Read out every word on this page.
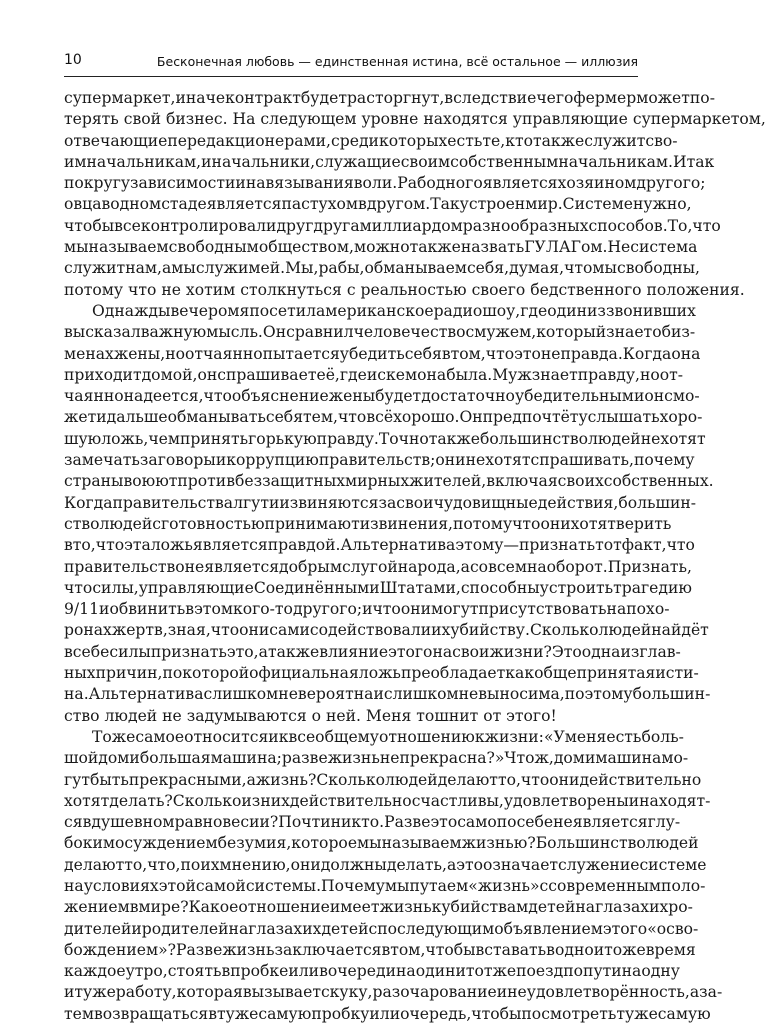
10	Бесконечная любовь — единственная истина, всё остальное — иллюзия
супермаркет, иначе контракт будет расторгнут, вследствие чего фермер может по-
терять свой бизнес. На следующем уровне находятся управляющие супермаркетом,
отвечающие перед акционерами, среди которых есть те, кто также служит сво-
им начальникам, и начальники, служащие своим собственным начальникам. И так
по кругу зависимости и навязывания воли. Раб одного является хозяином другого;
овца в одном стаде является пастухом в другом. Так устроен мир. Системе нужно,
чтобы все контролировали друг друга миллиардом разнообразных способов. То, что
мы называем свободным обществом, можно также назвать ГУЛАГом. Не система
служит нам, а мы служим ей. Мы, рабы, обманываем себя, думая, что мы свободны,
потому что не хотим столкнуться с реальностью своего бедственного положения.
Однажды вечером я посетил американское радиошоу, где один из звонивших
высказал важную мысль. Он сравнил человечество с мужем, который знает об из-
менах жены, но отчаянно пытается убедить себя в том, что это неправда. Когда она
приходит домой, он спрашивает её, где и с кем она была. Муж знает правду, но от-
чаянно надеется, что объяснение жены будет достаточно убедительным и он смо-
жет и дальше обманывать себя тем, что всё хорошо. Он предпочтёт услышать хоро-
шую ложь, чем принять горькую правду. Точно так же большинство людей не хотят
замечать заговоры и коррупцию правительств; они не хотят спрашивать, почему
страны воюют против беззащитных мирных жителей, включая своих собственных.
Когда правительства лгут и извиняются за свои чудовищные действия, большин-
ство людей с готовностью принимают извинения, потому что они хотят верить
в то, что эта ложь является правдой. Альтернатива этому — признать тот факт, что
правительство не является добрым слугой народа, а совсем наоборот. Признать,
что силы, управляющие Соединёнными Штатами, способны устроить трагедию
9/11 и обвинить в этом кого-то другого; и что они могут присутствовать на похо-
ронах жертв, зная, что они сами содействовали их убийству. Сколько людей найдёт
в себе силы признать это, а также влияние этого на свои жизни? Это одна из глав-
ных причин, по которой официальная ложь преобладает как общепринятая исти-
на. Альтернатива слишком невероятна и слишком невыносима, поэтому большин-
ство людей не задумываются о ней. Меня тошнит от этого!
То же самое относится и к всеобщему отношению к жизни: «У меня есть боль-
шой дом и большая машина; разве жизнь не прекрасна?» Что ж, дом и машина мо-
гут быть прекрасными, а жизнь? Сколько людей делают то, что они действительно
хотят делать? Сколько из них действительно счастливы, удовлетворены и находят-
ся в душевном равновесии? Почти никто. Разве это само по себе не является глу-
боким осуждением безумия, которое мы называем жизнью? Большинство людей
делают то, что, по их мнению, они должны делать, а это означает служение системе
на условиях этой самой системы. Почему мы путаем «жизнь» с современным поло-
жением в мире? Какое отношение имеет жизнь к убийствам детей на глазах их ро-
дителей и родителей на глазах их детей с последующим объявлением этого «осво-
бождением»? Разве жизнь заключается в том, чтобы вставать в одно и то же время
каждое утро, стоять в пробке или в очереди на один и тот же поезд по пути на одну
и ту же работу, которая вызывает скуку, разочарование и неудовлетворённость, а за-
тем возвращаться в ту же самую пробку или очередь, чтобы посмотреть ту же самую
